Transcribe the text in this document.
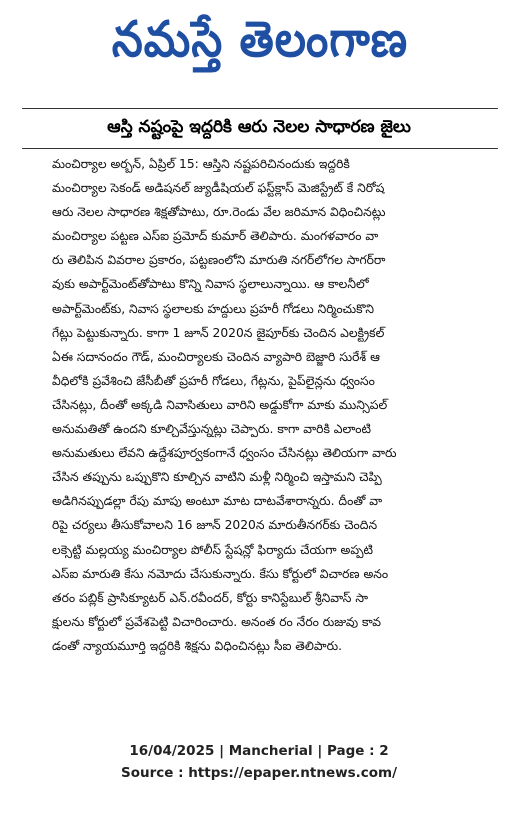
నమస్తే తెలంగాణ
ఆస్తి నష్టంపై ఇద్దరికి ఆరు నెలల సాధారణ జైలు
మంచిర్యాల అర్బన్, ఏప్రిల్ 15: ఆస్తిని నష్టపరిచినందుకు ఇద్దరికి
మంచిర్యాల సెకండ్ అడిషనల్ జ్యుడీషియల్ ఫస్ట్‌క్లాస్ మెజిస్ట్రేట్ కే నిరోష
ఆరు నెలల సాధారణ శిక్షతోపాటు, రూ.రెండు వేల జరిమాన విధించినట్లు
మంచిర్యాల పట్టణ ఎస్ఐ ప్రమోద్ కుమార్ తెలిపారు. మంగళవారం వా
రు తెలిపిన వివరాల ప్రకారం, పట్టణంలోని మారుతి నగర్‌లోగల సాగర్‌రా
వుకు అపార్ట్‌మెంట్‌తోపాటు కొన్ని నివాస స్థలాలున్నాయి. ఆ కాలనీలో
అపార్ట్‌మెంట్‌కు, నివాస స్థలాలకు హద్దులు ప్రహరీ గోడలు నిర్మించుకొని
గేట్లు పెట్టుకున్నారు. కాగా 1 జూన్ 2020న జైపూర్‌కు చెందిన ఎలక్ట్రికల్
ఏఈ సదానందం గౌడ్, మంచిర్యాలకు చెందిన వ్యాపారి బెజ్జారి సురేశ్ ఆ
వీధిలోకి ప్రవేశించి జేసీబీతో ప్రహరీ గోడలు, గేట్లను, పైప్‌లైన్లను ధ్వంసం
చేసినట్లు, దీంతో అక్కడి నివాసితులు వారిని అడ్డుకోగా మాకు మున్సిపల్
అనుమతితో ఉందని కూల్చివేస్తున్నట్లు చెప్పారు. కాగా వారికి ఎలాంటి
అనుమతులు లేవని ఉద్దేశపూర్వకంగానే ధ్వంసం చేసినట్లు తెలియగా వారు
చేసిన తప్పును ఒప్పుకొని కూల్చిన వాటిని మళ్లీ నిర్మించి ఇస్తామని చెప్పి
అడిగినప్పుడల్లా రేపు మాపు అంటూ మాట దాటవేశారాన్నరు. దీంతో వా
రిపై చర్యలు తీసుకోవాలని 16 జూన్ 2020న మారుతీనగర్‌కు చెందిన
లక్సెట్టి మల్లయ్య మంచిర్యాల పోలీస్ స్టేషన్లో ఫిర్యాదు చేయగా అప్పటి
ఎస్ఐ మారుతి కేసు నమోదు చేసుకున్నారు. కేసు కోర్టులో విచారణ అనం
తరం పబ్లిక్ ప్రాసిక్యూటర్ ఎన్.రవీందర్, కోర్టు కానిస్టేబుల్ శ్రీనివాస్ సా
క్షులను కోర్టులో ప్రవేశపెట్టి విచారించారు. అనంత రం నేరం రుజువు కావ
డంతో న్యాయమూర్తి ఇద్దరికి శిక్షను విధించినట్లు సీఐ తెలిపారు.
16/04/2025 | Mancherial | Page : 2
Source : https://epaper.ntnews.com/
